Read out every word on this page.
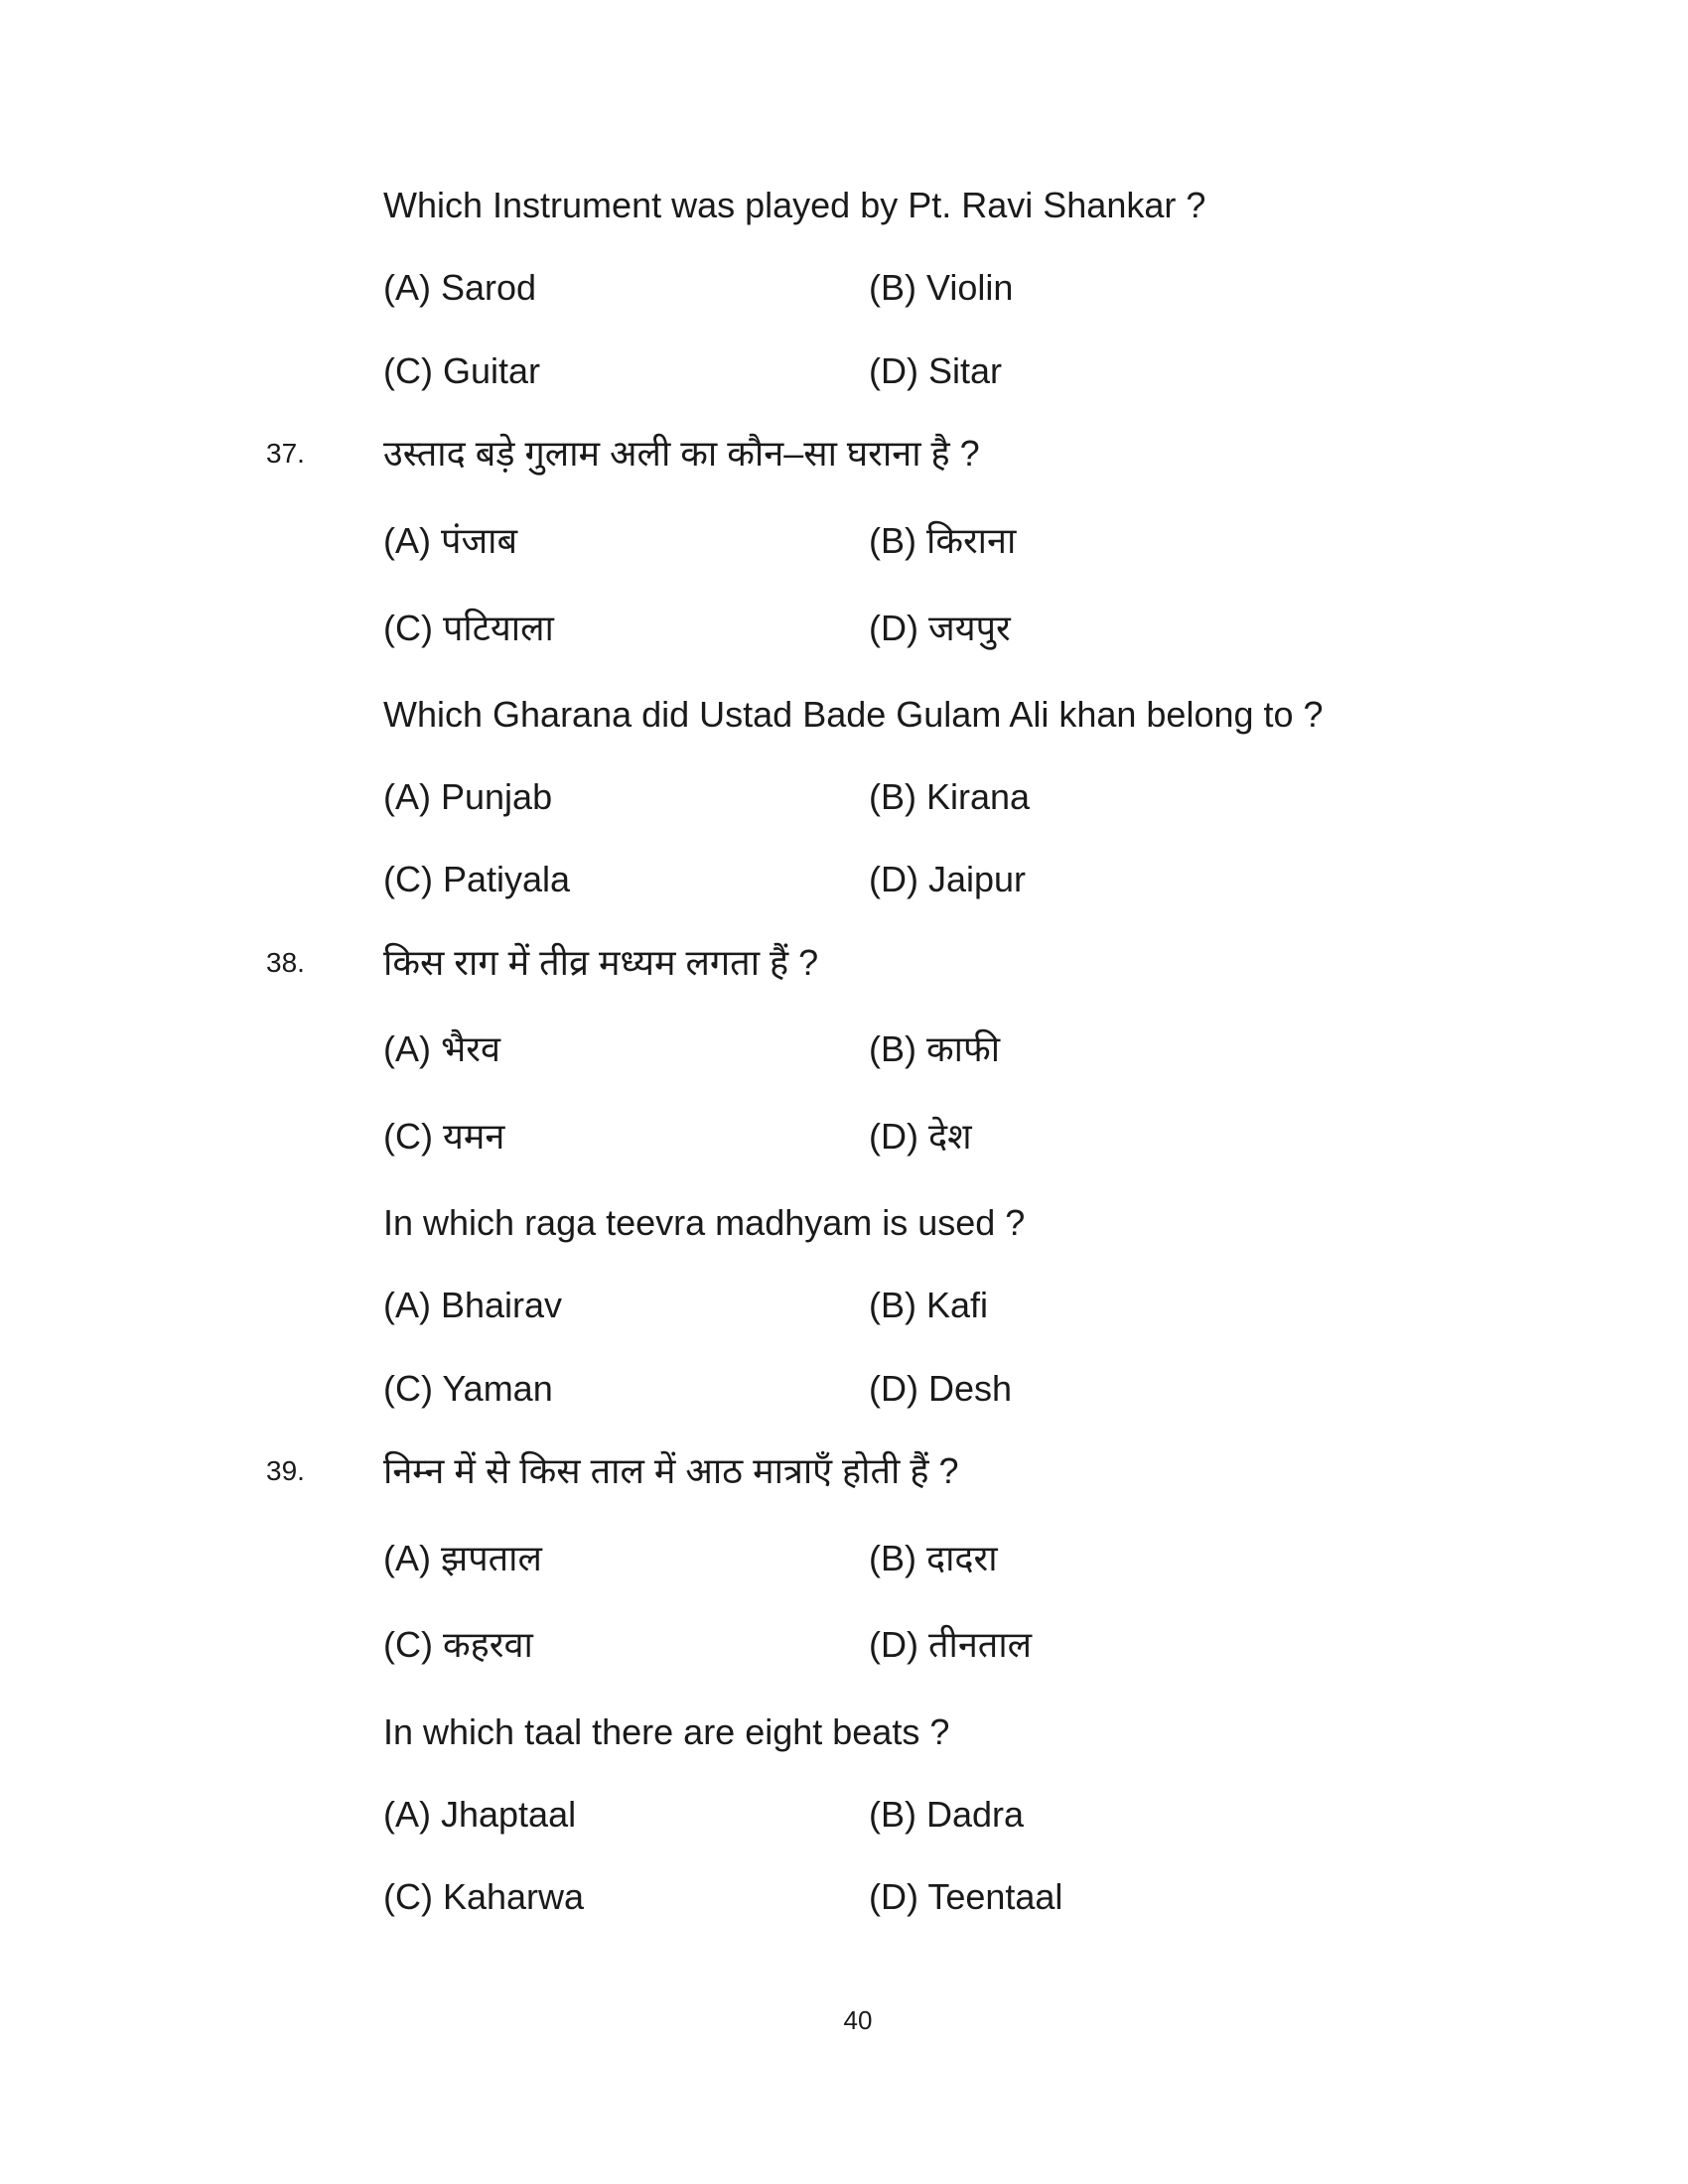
Which Instrument was played by Pt. Ravi Shankar ?
(A) Sarod	(B) Violin
(C) Guitar	(D) Sitar
37. उस्ताद बड़े गुलाम अली का कौन–सा घराना है ?
(A) पंजाब	(B) किराना
(C) पटियाला	(D) जयपुर
Which Gharana did Ustad Bade Gulam Ali khan belong to ?
(A) Punjab	(B) Kirana
(C) Patiyala	(D) Jaipur
38. किस राग में तीव्र मध्यम लगता हैं ?
(A) भैरव	(B) काफी
(C) यमन	(D) देश
In which raga teevra madhyam is used ?
(A) Bhairav	(B) Kafi
(C) Yaman	(D) Desh
39. निम्न में से किस ताल में आठ मात्राएँ होती हैं ?
(A) झपताल	(B) दादरा
(C) कहरवा	(D) तीनताल
In which taal there are eight beats ?
(A) Jhaptaal	(B) Dadra
(C) Kaharwa	(D) Teentaal
40
